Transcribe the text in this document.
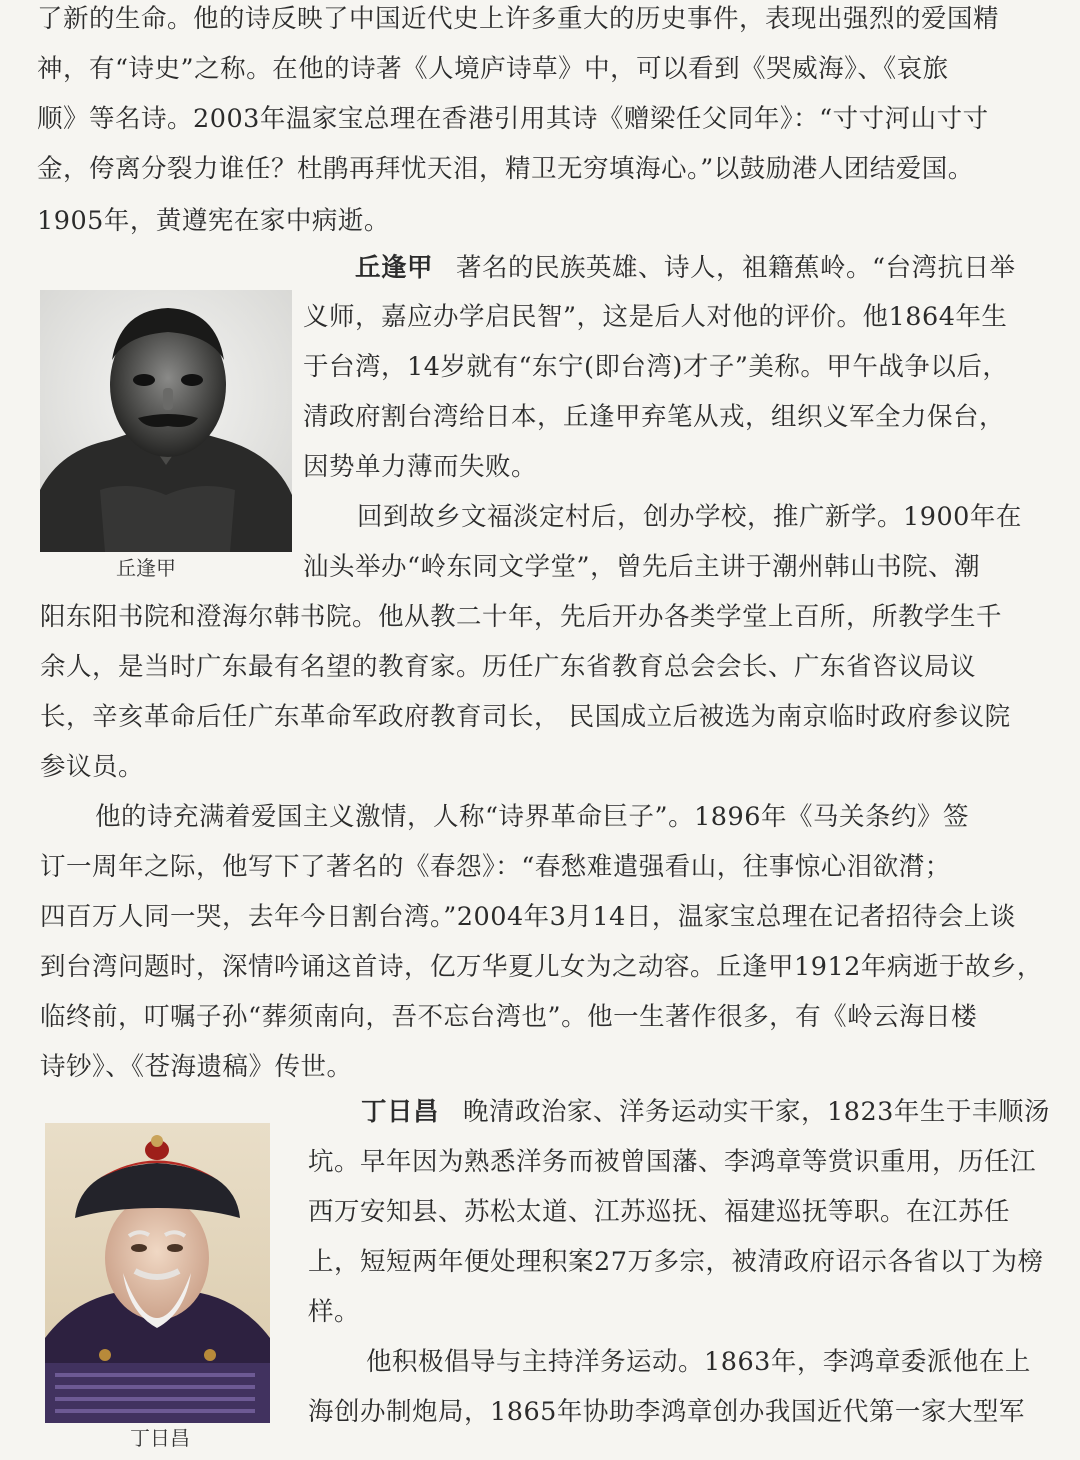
了新的生命。他的诗反映了中国近代史上许多重大的历史事件，表现出强烈的爱国精
神，有“诗史”之称。在他的诗著《人境庐诗草》中，可以看到《哭威海》、《哀旅
顺》等名诗。2003年温家宝总理在香港引用其诗《赠梁任父同年》：“寸寸河山寸寸
金，侉离分裂力谁任？杜鹃再拜忧天泪，精卫无穷填海心。”以鼓励港人团结爱国。
1905年，黄遵宪在家中病逝。
丘逢甲
丘逢甲 著名的民族英雄、诗人，祖籍蕉岭。“台湾抗日举
义师，嘉应办学启民智”，这是后人对他的评价。他1864年生
于台湾，14岁就有“东宁(即台湾)才子”美称。甲午战争以后，
清政府割台湾给日本，丘逢甲弃笔从戎，组织义军全力保台，
因势单力薄而失败。
回到故乡文福淡定村后，创办学校，推广新学。1900年在
汕头举办“岭东同文学堂”，曾先后主讲于潮州韩山书院、潮
阳东阳书院和澄海尔韩书院。他从教二十年，先后开办各类学堂上百所，所教学生千
余人，是当时广东最有名望的教育家。历任广东省教育总会会长、广东省咨议局议
长，辛亥革命后任广东革命军政府教育司长， 民国成立后被选为南京临时政府参议院
参议员。
他的诗充满着爱国主义激情，人称“诗界革命巨子”。1896年《马关条约》签
订一周年之际，他写下了著名的《春怨》：“春愁难遣强看山，往事惊心泪欲潸；
四百万人同一哭，去年今日割台湾。”2004年3月14日，温家宝总理在记者招待会上谈
到台湾问题时，深情吟诵这首诗，亿万华夏儿女为之动容。丘逢甲1912年病逝于故乡，
临终前，叮嘱子孙“葬须南向，吾不忘台湾也”。他一生著作很多，有《岭云海日楼
诗钞》、《苍海遗稿》传世。
丁日昌
丁日昌 晚清政治家、洋务运动实干家，1823年生于丰顺汤
坑。早年因为熟悉洋务而被曾国藩、李鸿章等赏识重用，历任江
西万安知县、苏松太道、江苏巡抚、福建巡抚等职。在江苏任
上，短短两年便处理积案27万多宗，被清政府诏示各省以丁为榜
样。
他积极倡导与主持洋务运动。1863年，李鸿章委派他在上
海创办制炮局，1865年协助李鸿章创办我国近代第一家大型军
